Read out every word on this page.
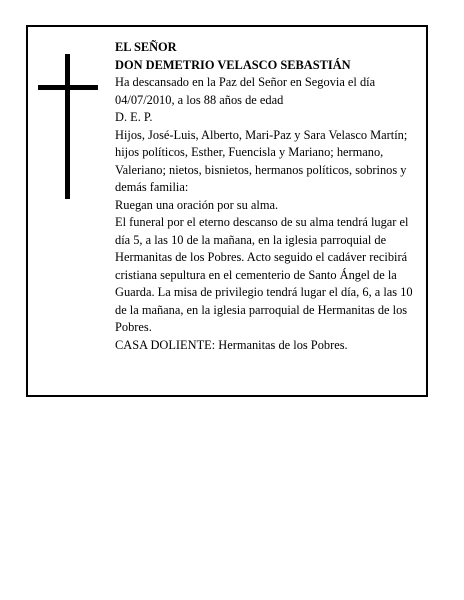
EL SEÑOR

DON DEMETRIO VELASCO SEBASTIÁN

Ha descansado en la Paz del Señor en Segovia el día 04/07/2010, a los 88 años de edad

D. E. P.

Hijos, José-Luis, Alberto, Mari-Paz y Sara Velasco Martín; hijos políticos, Esther, Fuencisla y Mariano; hermano, Valeriano; nietos, bisnietos, hermanos políticos, sobrinos y demás familia:

Ruegan una oración por su alma.

El funeral por el eterno descanso de su alma tendrá lugar el día 5, a las 10 de la mañana, en la iglesia parroquial de Hermanitas de los Pobres. Acto seguido el cadáver recibirá cristiana sepultura en el cementerio de Santo Ángel de la Guarda. La misa de privilegio tendrá lugar el día, 6, a las 10 de la mañana, en la iglesia parroquial de Hermanitas de los Pobres.

CASA DOLIENTE: Hermanitas de los Pobres.
